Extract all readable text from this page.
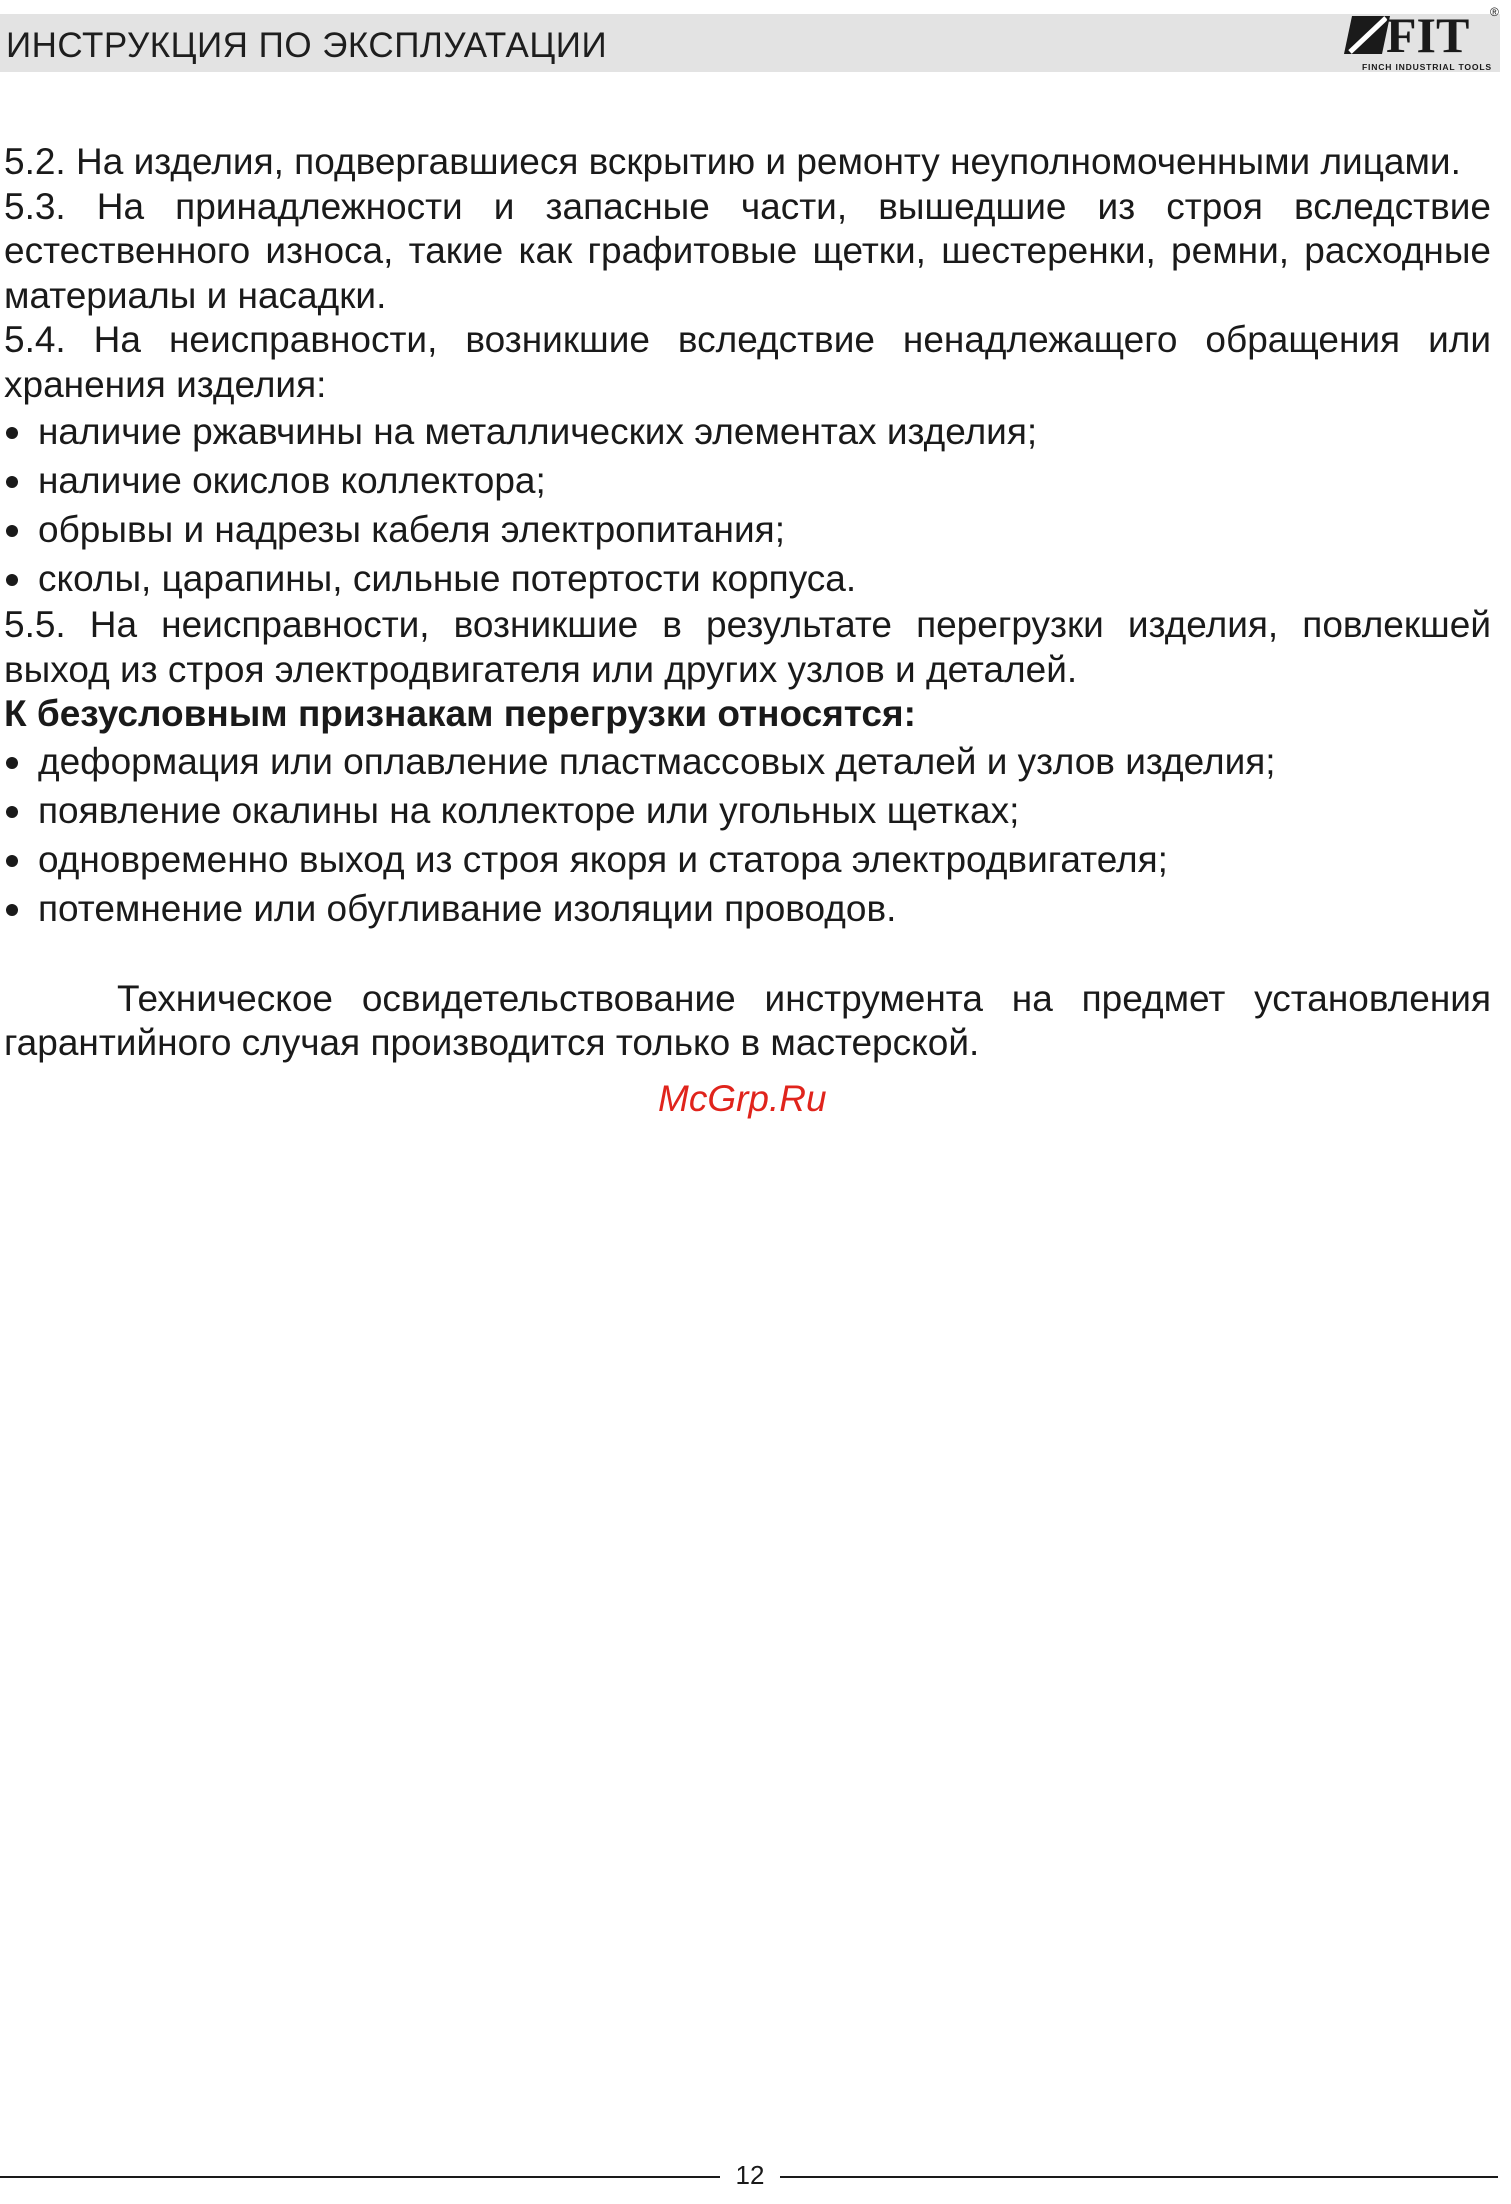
ИНСТРУКЦИЯ ПО ЭКСПЛУАТАЦИИ	FIT ®
FINCH INDUSTRIAL TOOLS

5.2. На изделия, подвергавшиеся вскрытию и ремонту неуполномоченными лицами.

5.3. На принадлежности и запасные части, вышедшие из строя вследствие естественного износа, такие как графитовые щетки, шестеренки, ремни, расходные материалы и насадки.

5.4. На неисправности, возникшие вследствие ненадлежащего обращения или хранения изделия:

наличие ржавчины на металлических элементах изделия;
наличие окислов коллектора;
обрывы и надрезы кабеля электропитания;
сколы, царапины, сильные потертости корпуса.

5.5. На неисправности, возникшие в результате перегрузки изделия, повлекшей выход из строя электродвигателя или других узлов и деталей.

К безусловным признакам перегрузки относятся:

деформация или оплавление пластмассовых деталей и узлов изделия;
появление окалины на коллекторе или угольных щетках;
одновременно выход из строя якоря и статора электродвигателя;
потемнение или обугливание изоляции проводов.

Техническое освидетельствование инструмента на предмет установления гарантийного случая производится только в мастерской.

McGrp.Ru
12
